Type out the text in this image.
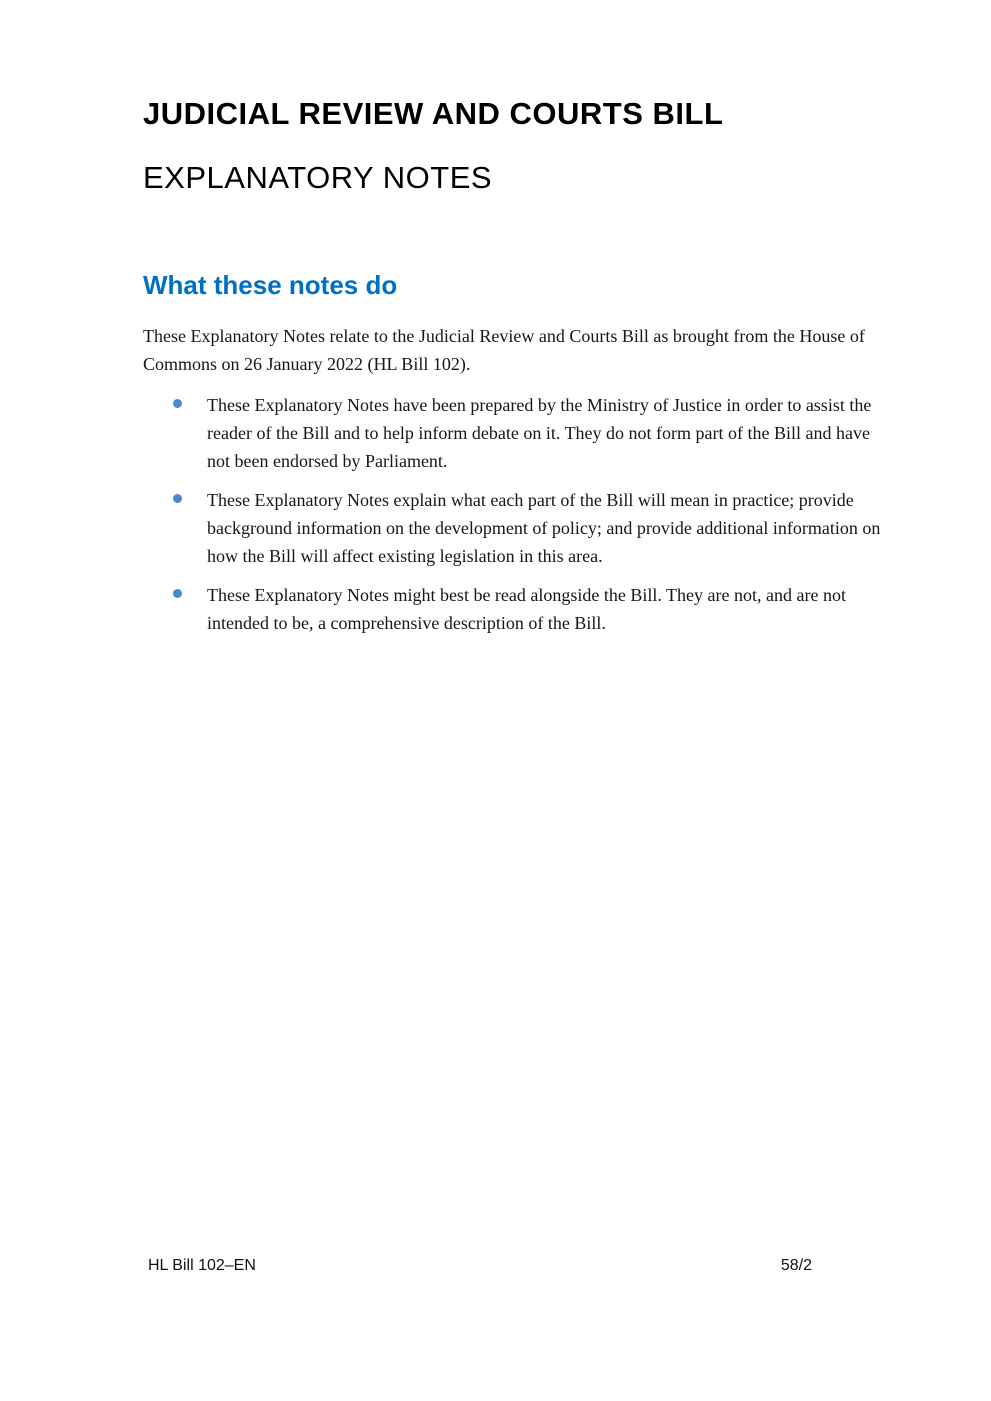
JUDICIAL REVIEW AND COURTS BILL
EXPLANATORY NOTES
What these notes do

These Explanatory Notes relate to the Judicial Review and Courts Bill as brought from the House of Commons on 26 January 2022 (HL Bill 102).

These Explanatory Notes have been prepared by the Ministry of Justice in order to assist the reader of the Bill and to help inform debate on it. They do not form part of the Bill and have not been endorsed by Parliament.
These Explanatory Notes explain what each part of the Bill will mean in practice; provide background information on the development of policy; and provide additional information on how the Bill will affect existing legislation in this area.
These Explanatory Notes might best be read alongside the Bill. They are not, and are not intended to be, a comprehensive description of the Bill.
HL Bill 102–EN	58/2
